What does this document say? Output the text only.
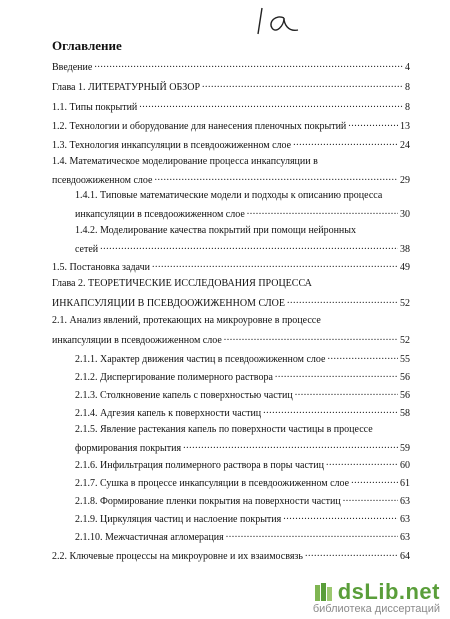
Оглавление
Введение .....	4
Глава 1. ЛИТЕРАТУРНЫЙ ОБЗОР .....	8
1.1. Типы покрытий .....	8
1.2. Технологии и оборудование для нанесения пленочных покрытий .....	13
1.3. Технология инкапсуляции в псевдоожиженном слое .....	24
1.4. Математическое моделирование процесса инкапсуляции в
псевдоожиженном слое .....	29
1.4.1. Типовые математические модели и подходы к описанию процесса
инкапсуляции в псевдоожиженном слое .....	30
1.4.2. Моделирование качества покрытий при помощи нейронных
сетей .....	38
1.5. Постановка задачи .....	49
Глава 2. ТЕОРЕТИЧЕСКИЕ ИССЛЕДОВАНИЯ ПРОЦЕССА
ИНКАПСУЛЯЦИИ В ПСЕВДООЖИЖЕННОМ СЛОЕ .....	52
2.1. Анализ явлений, протекающих на микроуровне в процессе
инкапсуляции в псевдоожиженном слое .....	52
2.1.1. Характер движения частиц в псевдоожиженном слое .....	55
2.1.2. Диспергирование полимерного раствора .....	56
2.1.3. Столкновение капель с поверхностью частиц .....	56
2.1.4. Адгезия капель к поверхности частиц .....	58
2.1.5. Явление растекания капель по поверхности частицы в процессе
формирования покрытия .....	59
2.1.6. Инфильтрация полимерного раствора в поры частиц .....	60
2.1.7. Сушка в процессе инкапсуляции в псевдоожиженном слое .....	61
2.1.8. Формирование пленки покрытия на поверхности частиц .....	63
2.1.9. Циркуляция частиц и наслоение покрытия .....	63
2.1.10. Межчастичная агломерация .....	63
2.2. Ключевые процессы на микроуровне и их взаимосвязь .....	64
dsLib.net
библиотека диссертаций
